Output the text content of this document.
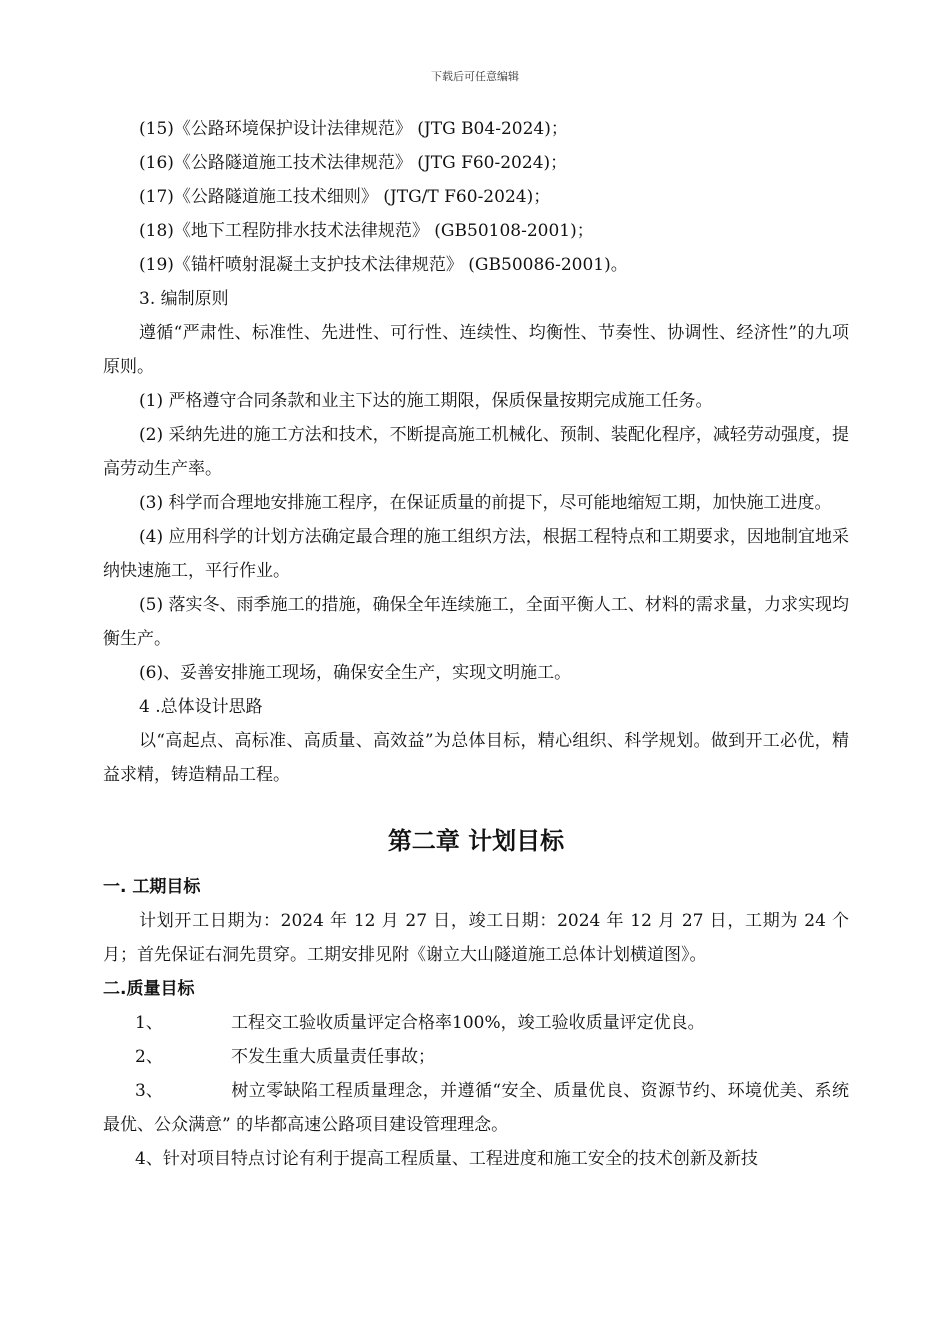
下载后可任意编辑

(15)《公路环境保护设计法律规范》 (JTG B04-2024)；

(16)《公路隧道施工技术法律规范》 (JTG F60-2024)；

(17)《公路隧道施工技术细则》 (JTG/T F60-2024)；

(18)《地下工程防排水技术法律规范》 (GB50108-2001)；

(19)《锚杆喷射混凝土支护技术法律规范》 (GB50086-2001)。

3. 编制原则

遵循“严肃性、标准性、先进性、可行性、连续性、均衡性、节奏性、协调性、经济性”的九项原则。

(1) 严格遵守合同条款和业主下达的施工期限，保质保量按期完成施工任务。

(2) 采纳先进的施工方法和技术，不断提高施工机械化、预制、装配化程序，减轻劳动强度，提高劳动生产率。

(3) 科学而合理地安排施工程序，在保证质量的前提下，尽可能地缩短工期，加快施工进度。

(4) 应用科学的计划方法确定最合理的施工组织方法，根据工程特点和工期要求，因地制宜地采纳快速施工，平行作业。

(5) 落实冬、雨季施工的措施，确保全年连续施工，全面平衡人工、材料的需求量，力求实现均衡生产。

(6)、妥善安排施工现场，确保安全生产，实现文明施工。

4 .总体设计思路

以“高起点、高标准、高质量、高效益”为总体目标，精心组织、科学规划。做到开工必优，精益求精，铸造精品工程。

第二章 计划目标

一. 工期目标

计划开工日期为：2024 年 12 月 27 日，竣工日期：2024 年 12 月 27 日，工期为 24 个月；首先保证右洞先贯穿。工期安排见附《谢立大山隧道施工总体计划横道图》。

二.质量目标

1、	工程交工验收质量评定合格率100%，竣工验收质量评定优良。
2、	不发生重大质量责任事故；

3、	树立零缺陷工程质量理念，并遵循“安全、质量优良、资源节约、环境优美、系统最优、公众满意” 的毕都高速公路项目建设管理理念。

4、针对项目特点讨论有利于提高工程质量、工程进度和施工安全的技术创新及新技
